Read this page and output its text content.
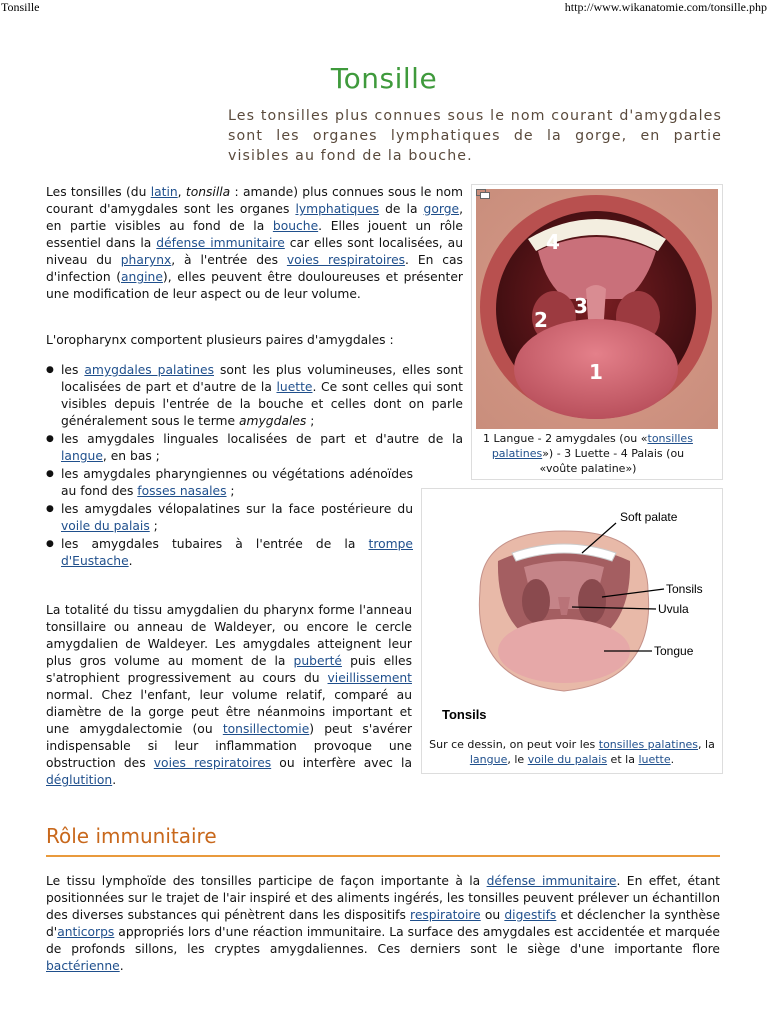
Tonsille	http://www.wikanatomie.com/tonsille.php
Tonsille
Les tonsilles plus connues sous le nom courant d'amygdales sont les organes lymphatiques de la gorge, en partie visibles au fond de la bouche.
Les tonsilles (du latin, tonsilla : amande) plus connues sous le nom courant d'amygdales sont les organes lymphatiques de la gorge, en partie visibles au fond de la bouche. Elles jouent un rôle essentiel dans la défense immunitaire car elles sont localisées, au niveau du pharynx, à l'entrée des voies respiratoires. En cas d'infection (angine), elles peuvent être douloureuses et présenter une modification de leur aspect ou de leur volume.
L'oropharynx comportent plusieurs paires d'amygdales :
● les amygdales palatines sont les plus volumineuses, elles sont localisées de part et d'autre de la luette. Ce sont celles qui sont visibles depuis l'entrée de la bouche et celles dont on parle généralement sous le terme amygdales ;
● les amygdales linguales localisées de part et d'autre de la langue, en bas ;
● les amygdales pharyngiennes ou végétations adénoïdes au fond des fosses nasales ;
● les amygdales vélopalatines sur la face postérieure du voile du palais ;
● les amygdales tubaires à l'entrée de la trompe d'Eustache.
La totalité du tissu amygdalien du pharynx forme l'anneau tonsillaire ou anneau de Waldeyer, ou encore le cercle amygdalien de Waldeyer. Les amygdales atteignent leur plus gros volume au moment de la puberté puis elles s'atrophient progressivement au cours du vieillissement normal. Chez l'enfant, leur volume relatif, comparé au diamètre de la gorge peut être néanmoins important et une amygdalectomie (ou tonsillectomie) peut s'avérer indispensable si leur inflammation provoque une obstruction des voies respiratoires ou interfère avec la déglutition.
1
2
3
4
1 Langue - 2 amygdales (ou «tonsilles palatines») - 3 Luette - 4 Palais (ou «voûte palatine»)
Soft palate
Tonsils
Uvula
Tongue
Tonsils
Sur ce dessin, on peut voir les tonsilles palatines, la langue, le voile du palais et la luette.
Rôle immunitaire
Le tissu lymphoïde des tonsilles participe de façon importante à la défense immunitaire. En effet, étant positionnées sur le trajet de l'air inspiré et des aliments ingérés, les tonsilles peuvent prélever un échantillon des diverses substances qui pénètrent dans les dispositifs respiratoire ou digestifs et déclencher la synthèse d'anticorps appropriés lors d'une réaction immunitaire. La surface des amygdales est accidentée et marquée de profonds sillons, les cryptes amygdaliennes. Ces derniers sont le siège d'une importante flore bactérienne.
